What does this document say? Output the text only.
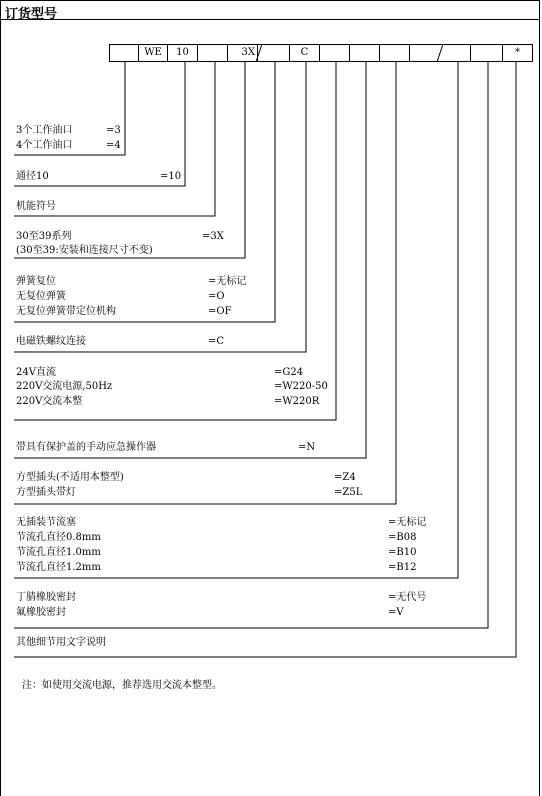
订货型号
WE	10	3X	C	*
3个工作油口	=3
4个工作油口	=4
通径10	=10
机能符号
30至39系列	=3X
(30至39:安装和连接尺寸不变)
弹簧复位	=无标记
无复位弹簧	=O
无复位弹簧带定位机构	=OF
电磁铁螺纹连接	=C
24V直流	=G24
220V交流电源,50Hz	=W220-50
220V交流本整	=W220R
带具有保护盖的手动应急操作器	=N
方型插头(不适用本整型)	=Z4
方型插头带灯	=Z5L
无插装节流塞	=无标记
节流孔直径0.8mm	=B08
节流孔直径1.0mm	=B10
节流孔直径1.2mm	=B12
丁腈橡胶密封	=无代号
氟橡胶密封	=V
其他细节用文字说明
注：如使用交流电源，推荐选用交流本整型。
